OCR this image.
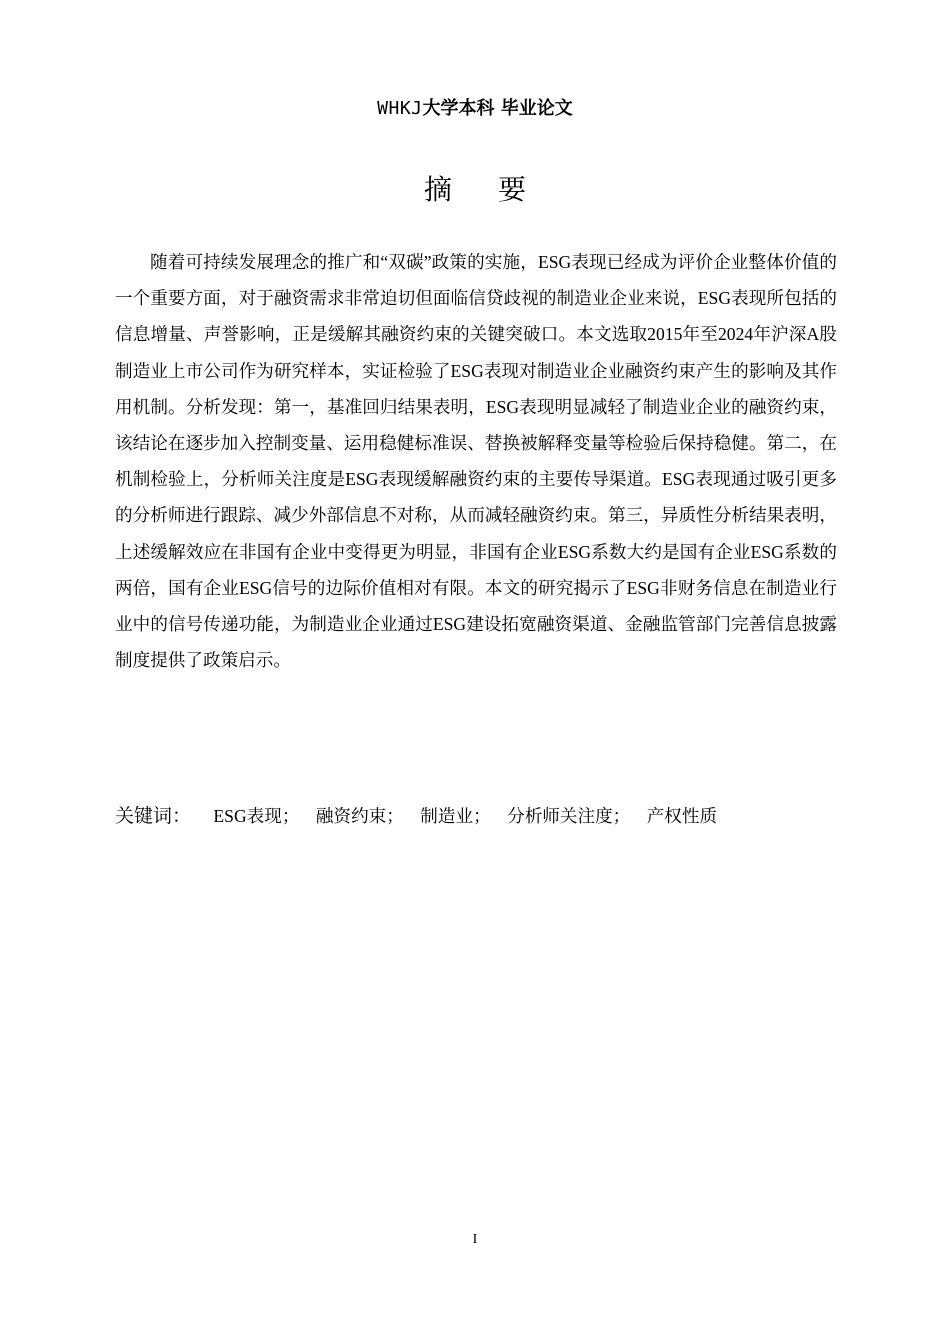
WHKJ大学本科 毕业论文
摘要

随着可持续发展理念的推广和“双碳”政策的实施，ESG表现已经成为评价企业整体价值的一个重要方面，对于融资需求非常迫切但面临信贷歧视的制造业企业来说，ESG表现所包括的信息增量、声誉影响，正是缓解其融资约束的关键突破口。本文选取2015年至2024年沪深A股制造业上市公司作为研究样本，实证检验了ESG表现对制造业企业融资约束产生的影响及其作用机制。分析发现：第一，基准回归结果表明，ESG表现明显减轻了制造业企业的融资约束，该结论在逐步加入控制变量、运用稳健标准误、替换被解释变量等检验后保持稳健。第二，在机制检验上，分析师关注度是ESG表现缓解融资约束的主要传导渠道。ESG表现通过吸引更多的分析师进行跟踪、减少外部信息不对称，从而减轻融资约束。第三，异质性分析结果表明，上述缓解效应在非国有企业中变得更为明显，非国有企业ESG系数大约是国有企业ESG系数的两倍，国有企业ESG信号的边际价值相对有限。本文的研究揭示了ESG非财务信息在制造业行业中的信号传递功能，为制造业企业通过ESG建设拓宽融资渠道、金融监管部门完善信息披露制度提供了政策启示。

关键词： ESG表现； 融资约束； 制造业； 分析师关注度； 产权性质
I
